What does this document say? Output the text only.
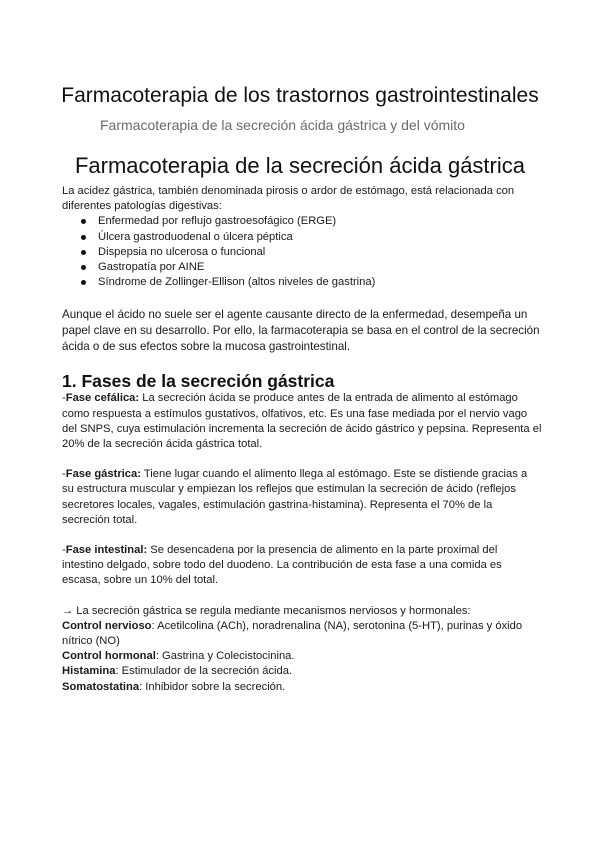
Farmacoterapia de los trastornos gastrointestinales
Farmacoterapia de la secreción ácida gástrica y del vómito
Farmacoterapia de la secreción ácida gástrica

La acidez gástrica, también denominada pirosis o ardor de estómago, está relacionada con diferentes patologías digestivas:

Enfermedad por reflujo gastroesofágico (ERGE)
Úlcera gastroduodenal o úlcera péptica
Dispepsia no ulcerosa o funcional
Gastropatía por AINE
Síndrome de Zollinger-Ellison (altos niveles de gastrina)

Aunque el ácido no suele ser el agente causante directo de la enfermedad, desempeña un papel clave en su desarrollo. Por ello, la farmacoterapia se basa en el control de la secreción ácida o de sus efectos sobre la mucosa gastrointestinal.

1. Fases de la secreción gástrica

-Fase cefálica: La secreción ácida se produce antes de la entrada de alimento al estómago como respuesta a estímulos gustativos, olfativos, etc. Es una fase mediada por el nervio vago del SNPS, cuya estimulación incrementa la secreción de ácido gástrico y pepsina. Representa el 20% de la secreción ácida gástrica total.

-Fase gástrica: Tiene lugar cuando el alimento llega al estómago. Este se distiende gracias a su estructura muscular y empiezan los reflejos que estimulan la secreción de ácido (reflejos secretores locales, vagales, estimulación gastrina-histamina). Representa el 70% de la secreción total.

-Fase intestinal: Se desencadena por la presencia de alimento en la parte proximal del intestino delgado, sobre todo del duodeno. La contribución de esta fase a una comida es escasa, sobre un 10% del total.

→ La secreción gástrica se regula mediante mecanismos nerviosos y hormonales:

Control nervioso: Acetilcolina (ACh), noradrenalina (NA), serotonina (5-HT), purinas y óxido nítrico (NO)

Control hormonal: Gastrina y Colecistocinina.

Histamina: Estimulador de la secreción ácida.

Somatostatina: Inhibidor sobre la secreción.
